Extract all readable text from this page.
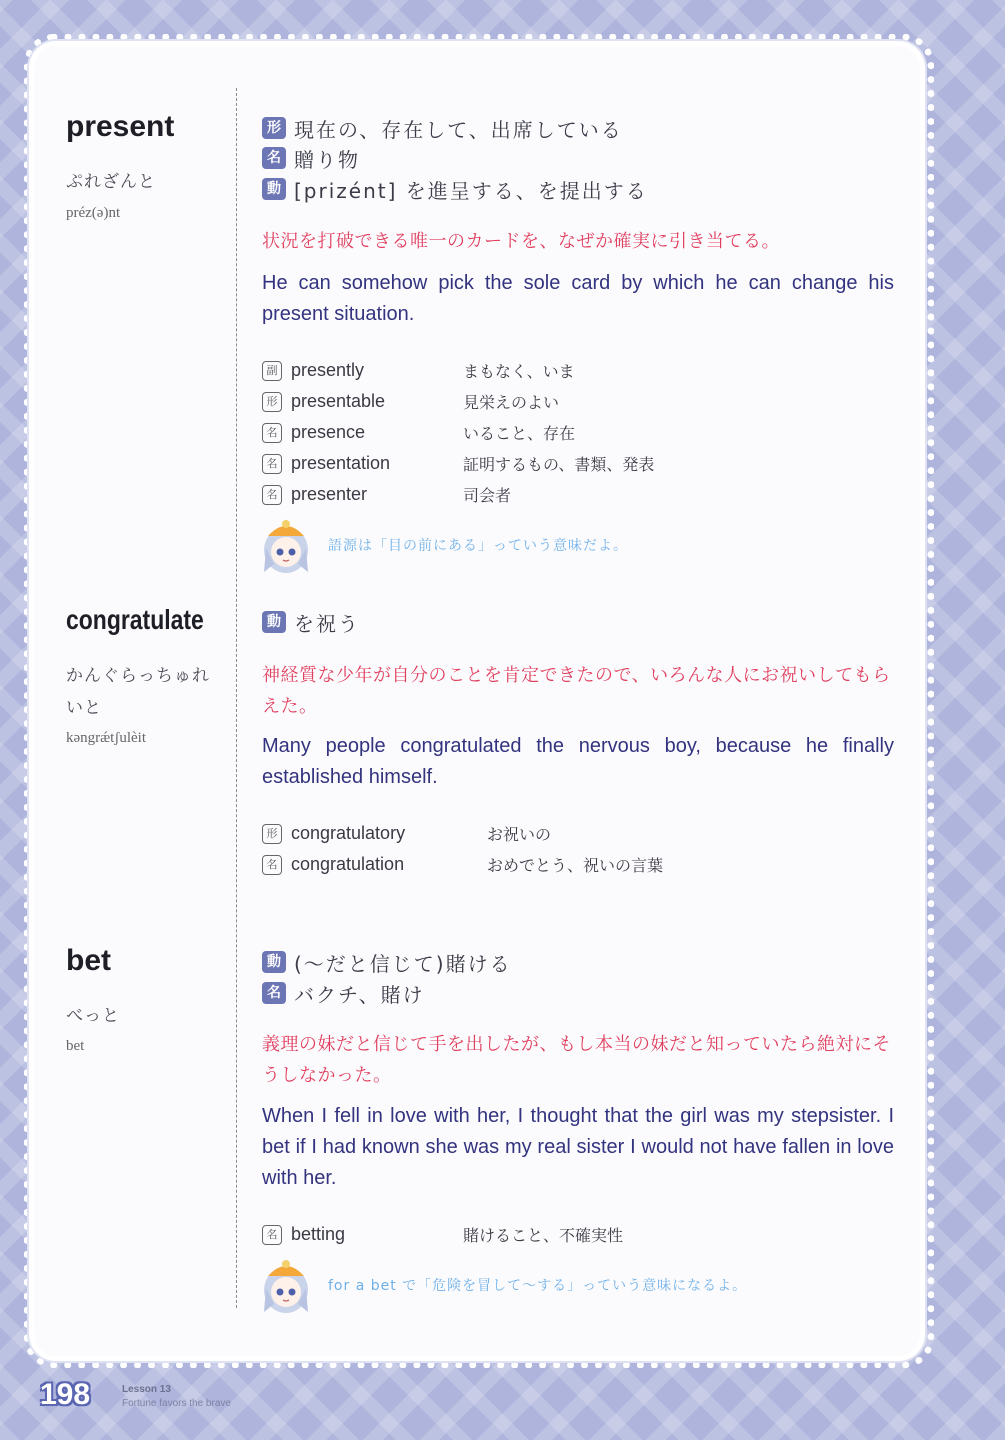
present
ぷれざんと
préz(ə)nt
形 現在の、存在して、出席している
名 贈り物
動 [prizént] を進呈する、を提出する
状況を打破できる唯一のカードを、なぜか確実に引き当てる。
He can somehow pick the sole card by which he can change his present situation.
副 presently	まもなく、いま
形 presentable	見栄えのよい
名 presence	いること、存在
名 presentation	証明するもの、書類、発表
名 presenter	司会者
語源は「目の前にある」っていう意味だよ。
congratulate
かんぐらっちゅれいと
kəngrǽtʃulèit
動 を祝う
神経質な少年が自分のことを肯定できたので、いろんな人にお祝いしてもらえた。
Many people congratulated the nervous boy, because he finally established himself.
形 congratulatory	お祝いの
名 congratulation	おめでとう、祝いの言葉
bet
べっと
bet
動 (〜だと信じて)賭ける
名 バクチ、賭け
義理の妹だと信じて手を出したが、もし本当の妹だと知っていたら絶対にそうしなかった。
When I fell in love with her, I thought that the girl was my stepsister. I bet if I had known she was my real sister I would not have fallen in love with her.
名 betting	賭けること、不確実性
for a bet で「危険を冒して〜する」っていう意味になるよ。
198	Lesson 13
Fortune favors the brave
